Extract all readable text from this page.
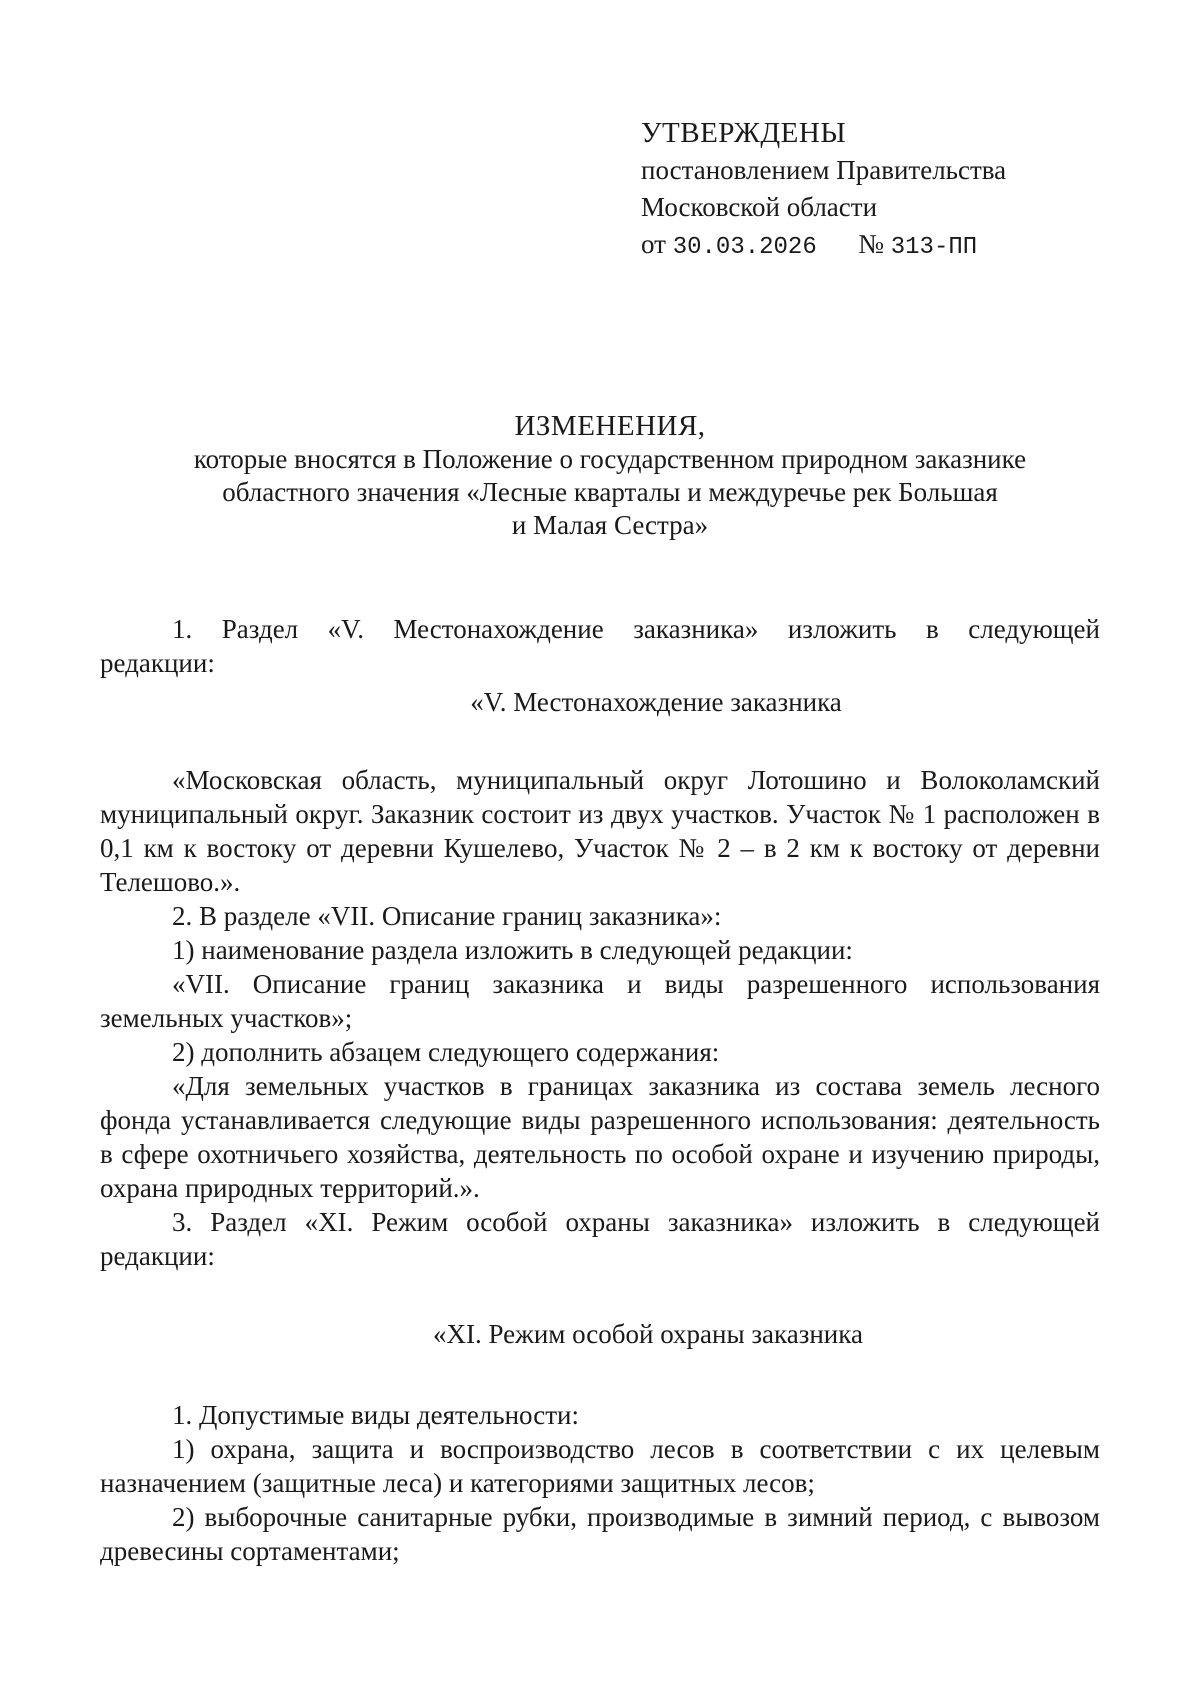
УТВЕРЖДЕНЫ
постановлением Правительства
Московской области
от 30.03.2026 № 313-ПП
ИЗМЕНЕНИЯ,
которые вносятся в Положение о государственном природном заказнике
областного значения «Лесные кварталы и междуречье рек Большая
и Малая Сестра»

1. Раздел «V. Местонахождение заказника» изложить в следующей

редакции:

«V. Местонахождение заказника

«Московская область, муниципальный округ Лотошино и Волоколамский муниципальный округ. Заказник состоит из двух участков. Участок № 1 расположен в 0,1 км к востоку от деревни Кушелево, Участок № 2 – в 2 км к востоку от деревни Телешово.».

2. В разделе «VII. Описание границ заказника»:

1) наименование раздела изложить в следующей редакции:

«VII. Описание границ заказника и виды разрешенного использования земельных участков»;

2) дополнить абзацем следующего содержания:

«Для земельных участков в границах заказника из состава земель лесного фонда устанавливается следующие виды разрешенного использования: деятельность в сфере охотничьего хозяйства, деятельность по особой охране и изучению природы, охрана природных территорий.».

3. Раздел «XI. Режим особой охраны заказника» изложить в следующей

редакции:

«XI. Режим особой охраны заказника

1. Допустимые виды деятельности:

1) охрана, защита и воспроизводство лесов в соответствии с их целевым назначением (защитные леса) и категориями защитных лесов;

2) выборочные санитарные рубки, производимые в зимний период, с вывозом древесины сортаментами;
